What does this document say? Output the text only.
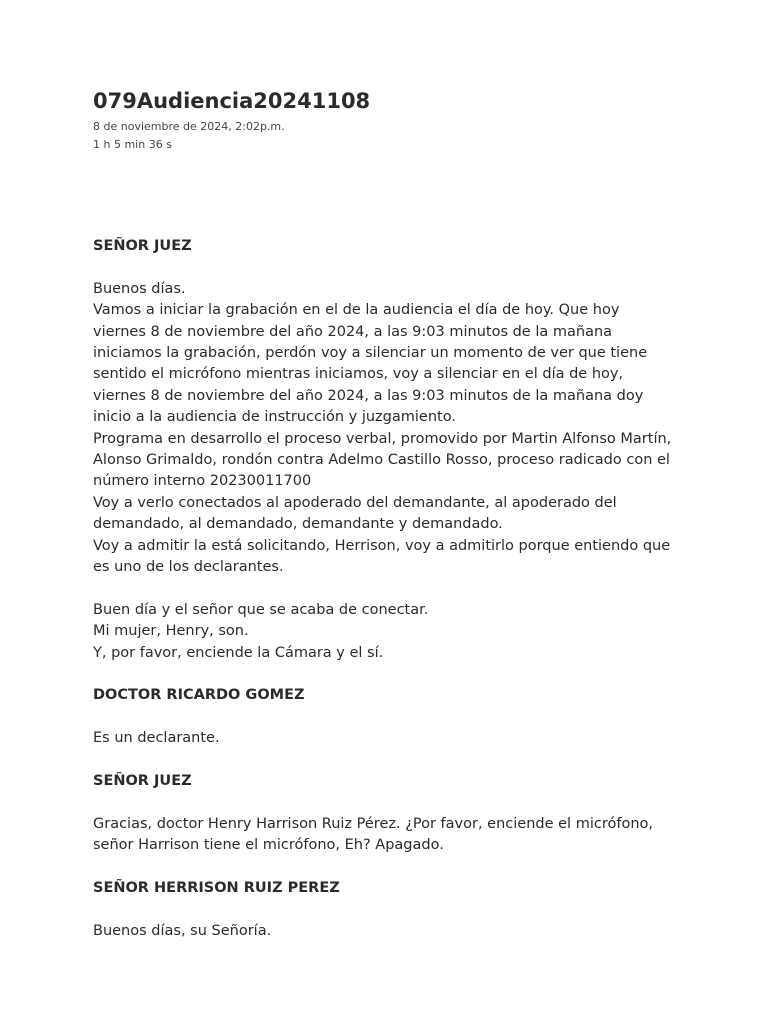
079Audiencia20241108
8 de noviembre de 2024, 2:02p.m.
1 h 5 min 36 s
SEÑOR JUEZ
Buenos días.
Vamos a iniciar la grabación en el de la audiencia el día de hoy. Que hoy viernes 8 de noviembre del año 2024, a las 9:03 minutos de la mañana iniciamos la grabación, perdón voy a silenciar un momento de ver que tiene sentido el micrófono mientras iniciamos, voy a silenciar en el día de hoy, viernes 8 de noviembre del año 2024, a las 9:03 minutos de la mañana doy inicio a la audiencia de instrucción y juzgamiento.
Programa en desarrollo el proceso verbal, promovido por Martin Alfonso Martín, Alonso Grimaldo, rondón contra Adelmo Castillo Rosso, proceso radicado con el número interno 20230011700
Voy a verlo conectados al apoderado del demandante, al apoderado del demandado, al demandado, demandante y demandado.
Voy a admitir la está solicitando, Herrison, voy a admitirlo porque entiendo que es uno de los declarantes.
Buen día y el señor que se acaba de conectar.
Mi mujer, Henry, son.
Y, por favor, enciende la Cámara y el sí.
DOCTOR RICARDO GOMEZ
Es un declarante.
SEÑOR JUEZ
Gracias, doctor Henry Harrison Ruiz Pérez. ¿Por favor, enciende el micrófono, señor Harrison tiene el micrófono, Eh? Apagado.
SEÑOR HERRISON RUIZ PEREZ
Buenos días, su Señoría.
